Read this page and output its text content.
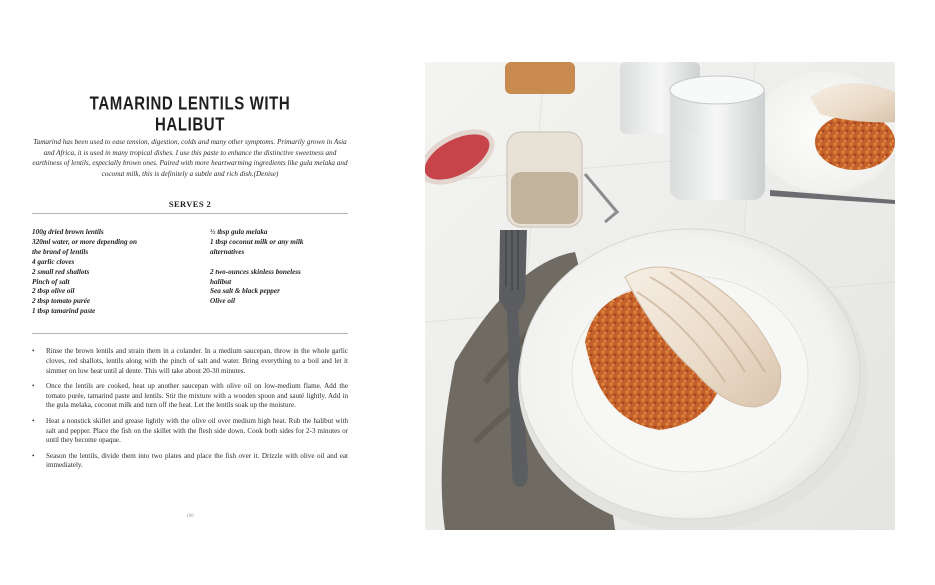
TAMARIND LENTILS WITH HALIBUT
Tamarind has been used to ease tension, digestion, colds and many other symptoms. Primarily grown in Asia and Africa, it is used in many tropical dishes. I use this paste to enhance the distinctive sweetness and earthiness of lentils, especially brown ones. Paired with more heartwarming ingredients like gula melaka and coconut milk, this is definitely a subtle and rich dish.(Denise)
SERVES 2
100g dried brown lentils
320ml water, or more depending on
the brand of lentils
4 garlic cloves
2 small red shallots
Pinch of salt
2 tbsp olive oil
2 tbsp tomato purée
1 tbsp tamarind paste
½ tbsp gula melaka
1 tbsp coconut milk or any milk
alternatives
2 two-ounces skinless boneless
halibut
Sea salt & black pepper
Olive oil
• Rinse the brown lentils and strain them in a colander. In a medium saucepan, throw in the whole garlic cloves, red shallots, lentils along with the pinch of salt and water. Bring everything to a boil and let it simmer on low heat until al dente. This will take about 20-30 minutes.
• Once the lentils are cooked, heat up another saucepan with olive oil on low-medium flame. Add the tomato purée, tamarind paste and lentils. Stir the mixture with a wooden spoon and sauté lightly. Add in the gula melaka, coconut milk and turn off the heat. Let the lentils soak up the moisture.
• Heat a nonstick skillet and grease lightly with the olive oil over medium high heat. Rub the halibut with salt and pepper. Place the fish on the skillet with the flesh side down. Cook both sides for 2-3 minutes or until they become opaque.
• Season the lentils, divide them into two plates and place the fish over it. Drizzle with olive oil and eat immediately.
196
